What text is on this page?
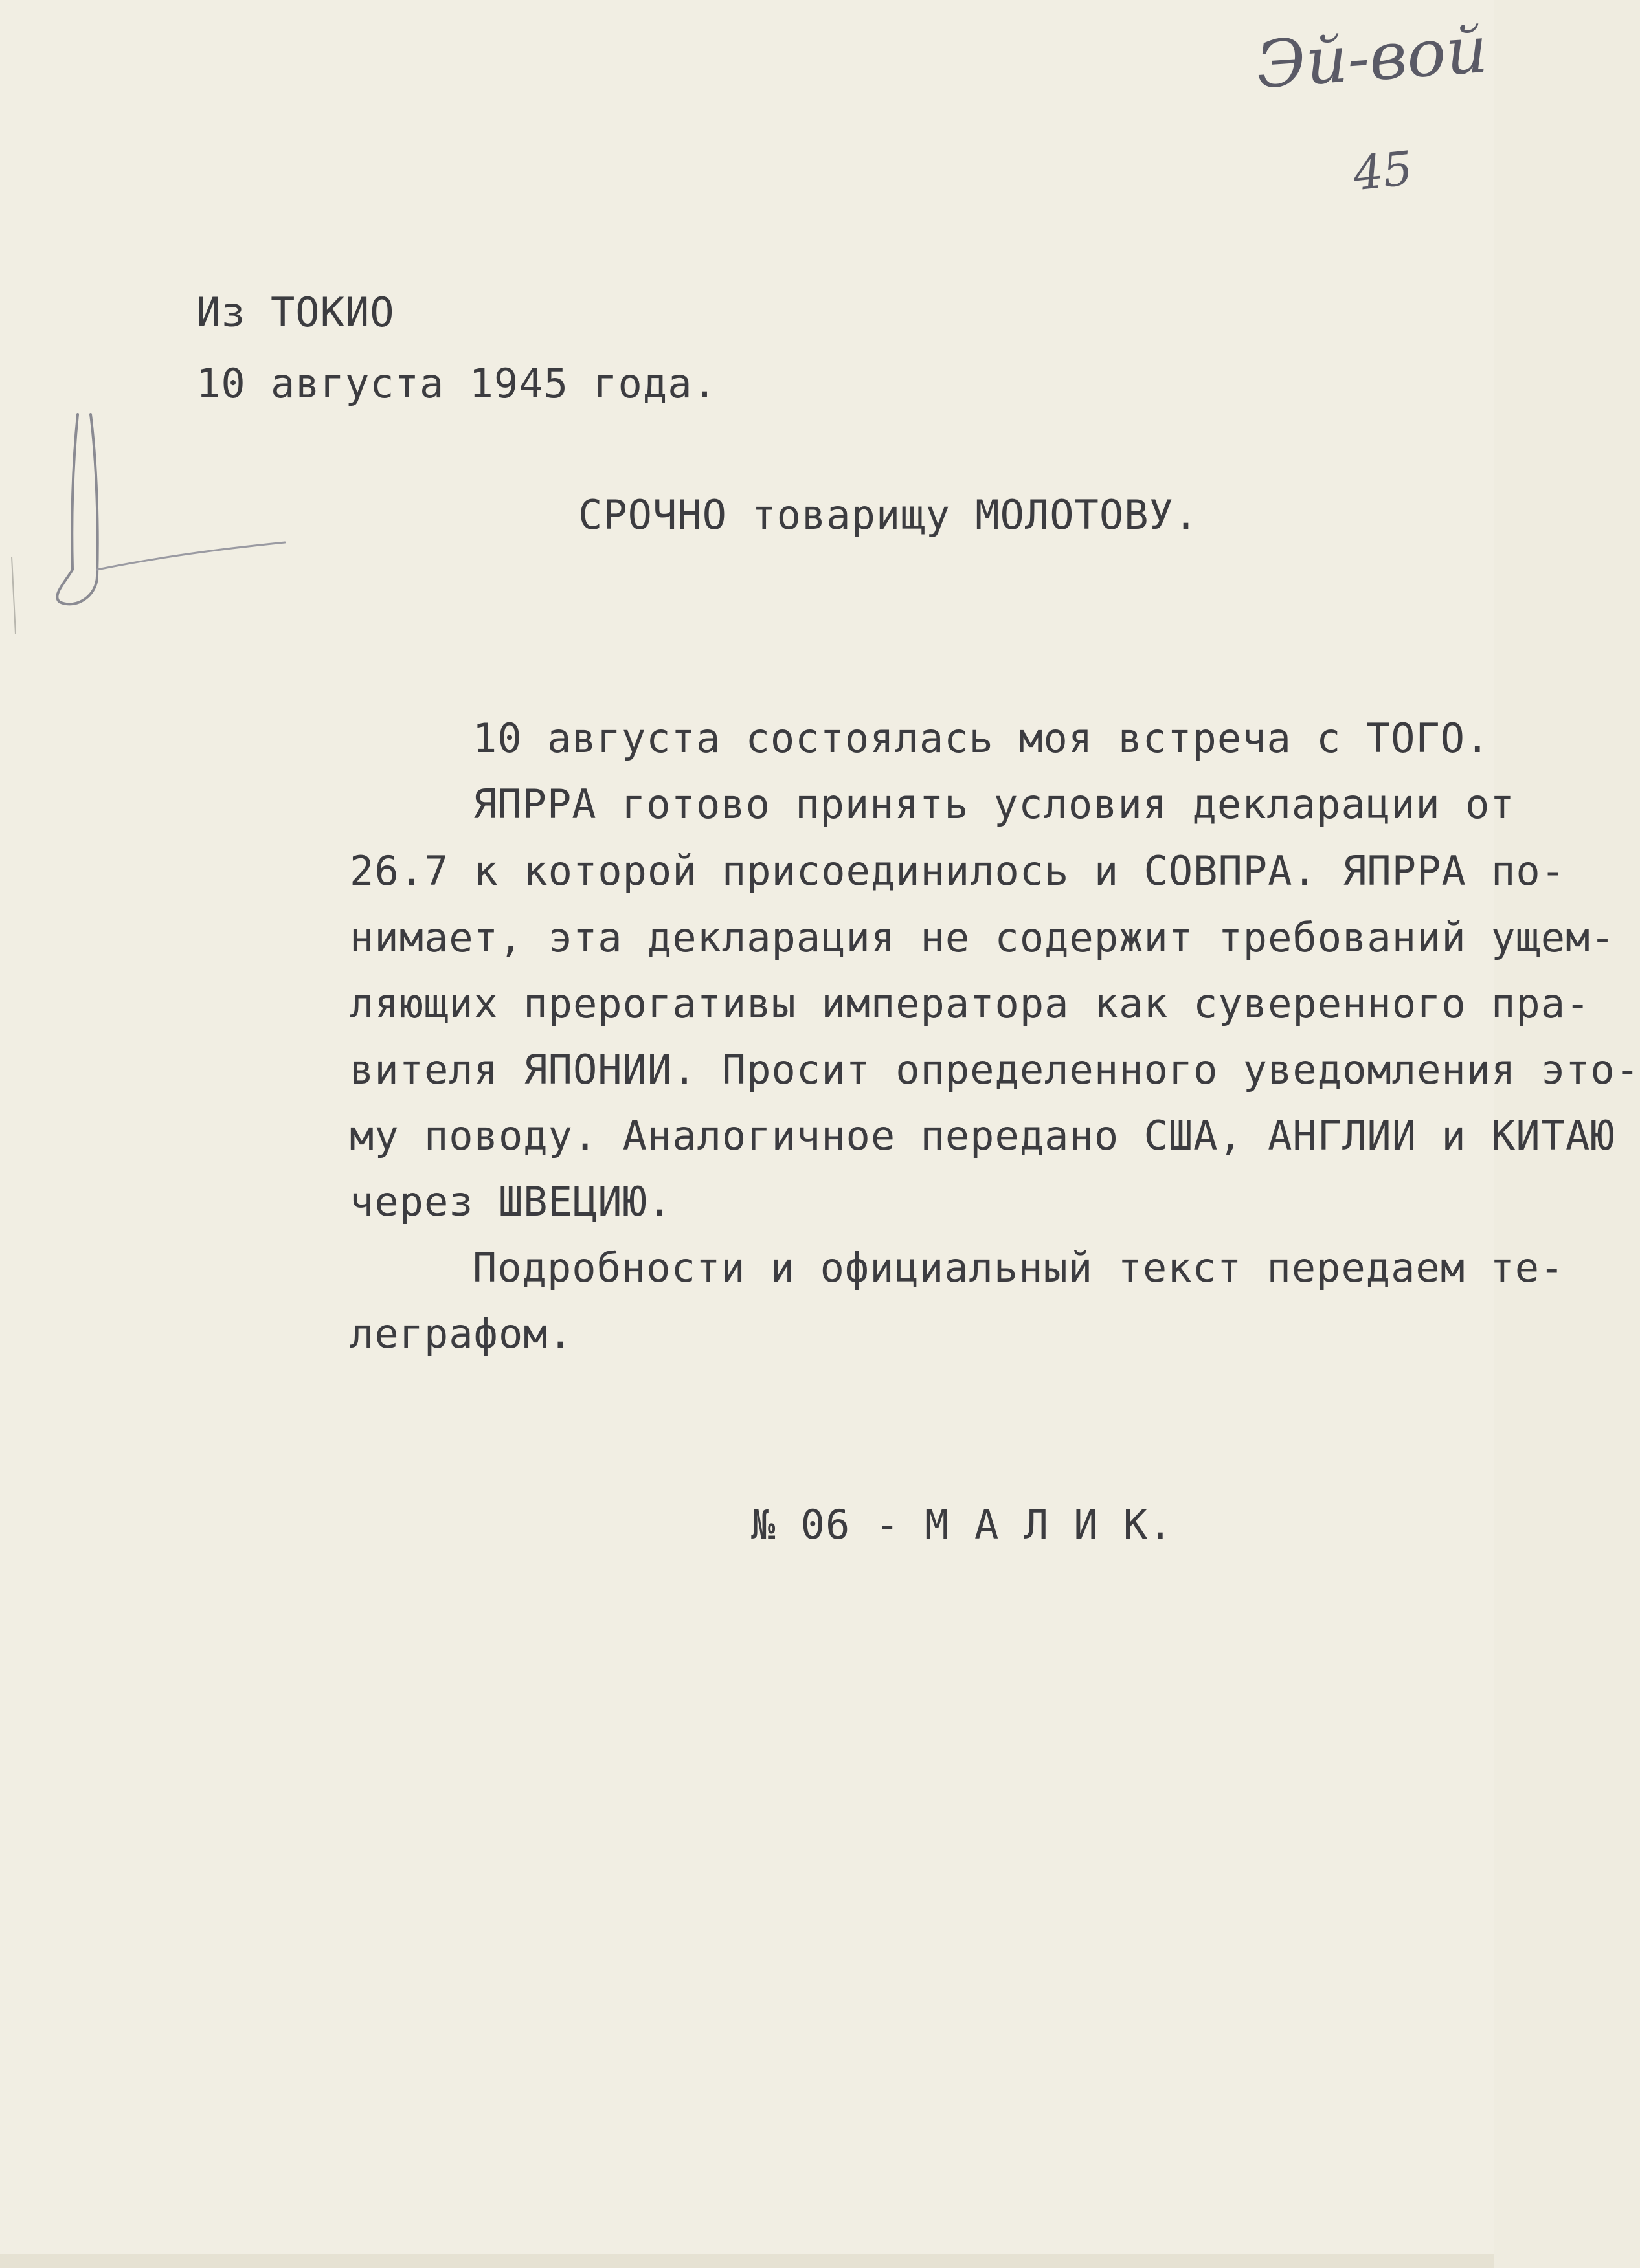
Эй-вой
45
Из ТОКИО
10 августа 1945 года.
СРОЧНО товарищу МОЛОТОВУ.
10 августа состоялась моя встреча с ТОГО.
ЯПРРА готово принять условия декларации от
26.7 к которой присоединилось и СОВПРА. ЯПРРА по-
нимает, эта декларация не содержит требований ущем-
ляющих прерогативы императора как суверенного пра-
вителя ЯПОНИИ. Просит определенного уведомления это-
му поводу. Аналогичное передано США, АНГЛИИ и КИТАЮ
через ШВЕЦИЮ.
Подробности и официальный текст передаем те-
леграфом.
№ 06 - М А Л И К.
